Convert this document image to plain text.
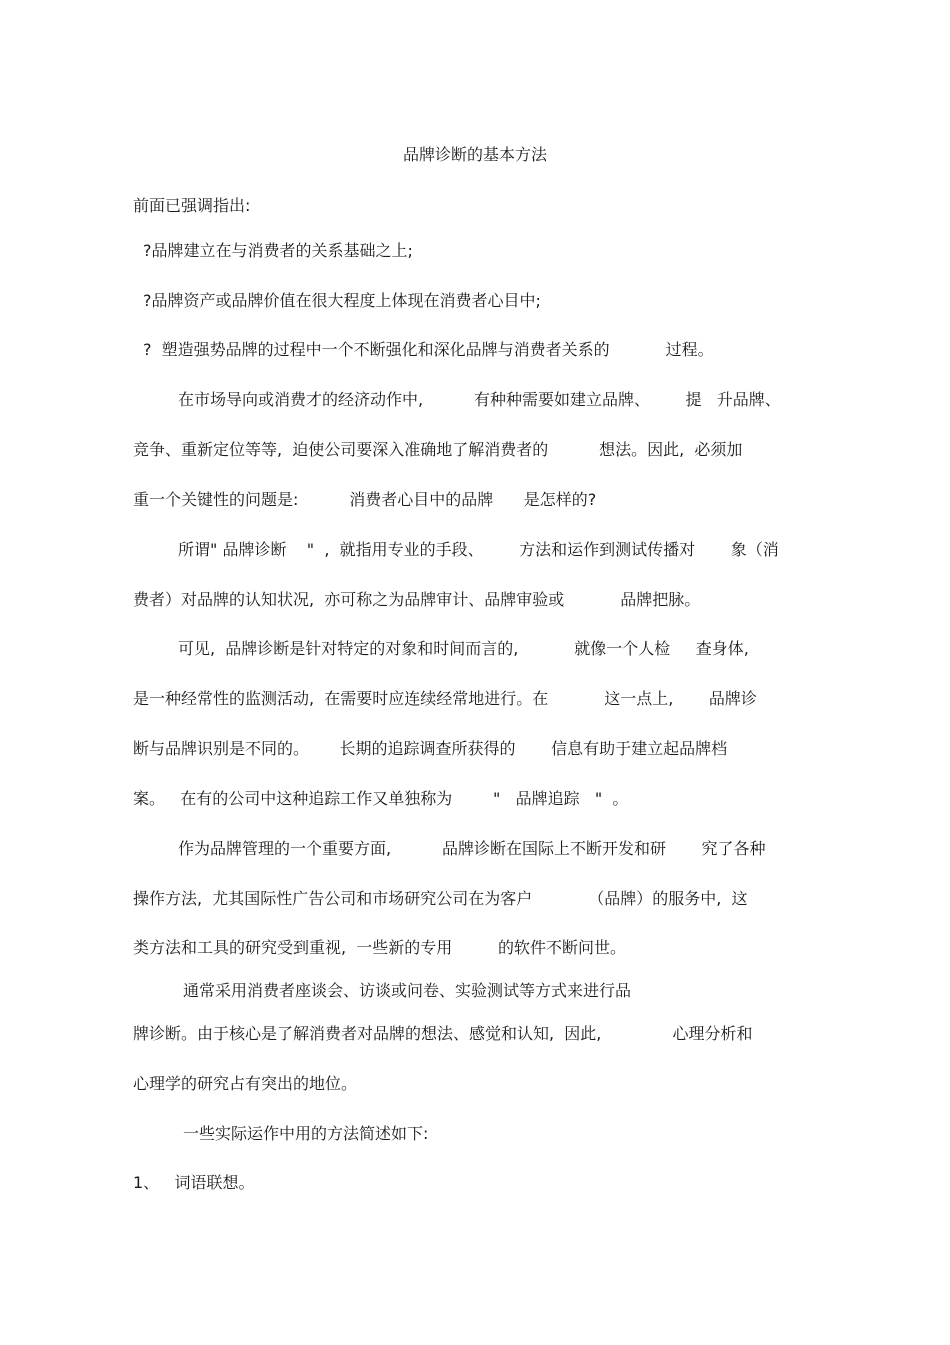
品牌诊断的基本方法
前面已强调指出:
?品牌建立在与消费者的关系基础之上;
?品牌资产或品牌价值在很大程度上体现在消费者心目中;
?  塑造强势品牌的过程中一个不断强化和深化品牌与消费者关系的           过程。
在市场导向或消费才的经济动作中,          有种种需要如建立品牌、       提   升品牌、
竞争、重新定位等等,  迫使公司要深入准确地了解消费者的          想法。因此,  必须加
重一个关键性的问题是:          消费者心目中的品牌      是怎样的?
所谓" 品牌诊断    "  ,  就指用专业的手段、       方法和运作到测试传播对       象（消
费者）对品牌的认知状况,  亦可称之为品牌审计、品牌审验或           品牌把脉。
可见,  品牌诊断是针对特定的对象和时间而言的,           就像一个人检     查身体,
是一种经常性的监测活动,  在需要时应连续经常地进行。在           这一点上,       品牌诊
断与品牌识别是不同的。      长期的追踪调查所获得的       信息有助于建立起品牌档
案。   在有的公司中这种追踪工作又单独称为        "   品牌追踪   "  。
作为品牌管理的一个重要方面,          品牌诊断在国际上不断开发和研       究了各种
操作方法,  尤其国际性广告公司和市场研究公司在为客户           （品牌）的服务中,  这
类方法和工具的研究受到重视,  一些新的专用         的软件不断问世。
通常采用消费者座谈会、访谈或问卷、实验测试等方式来进行品
牌诊断。由于核心是了解消费者对品牌的想法、感觉和认知,  因此,              心理分析和
心理学的研究占有突出的地位。
一些实际运作中用的方法简述如下:
1、   词语联想。
